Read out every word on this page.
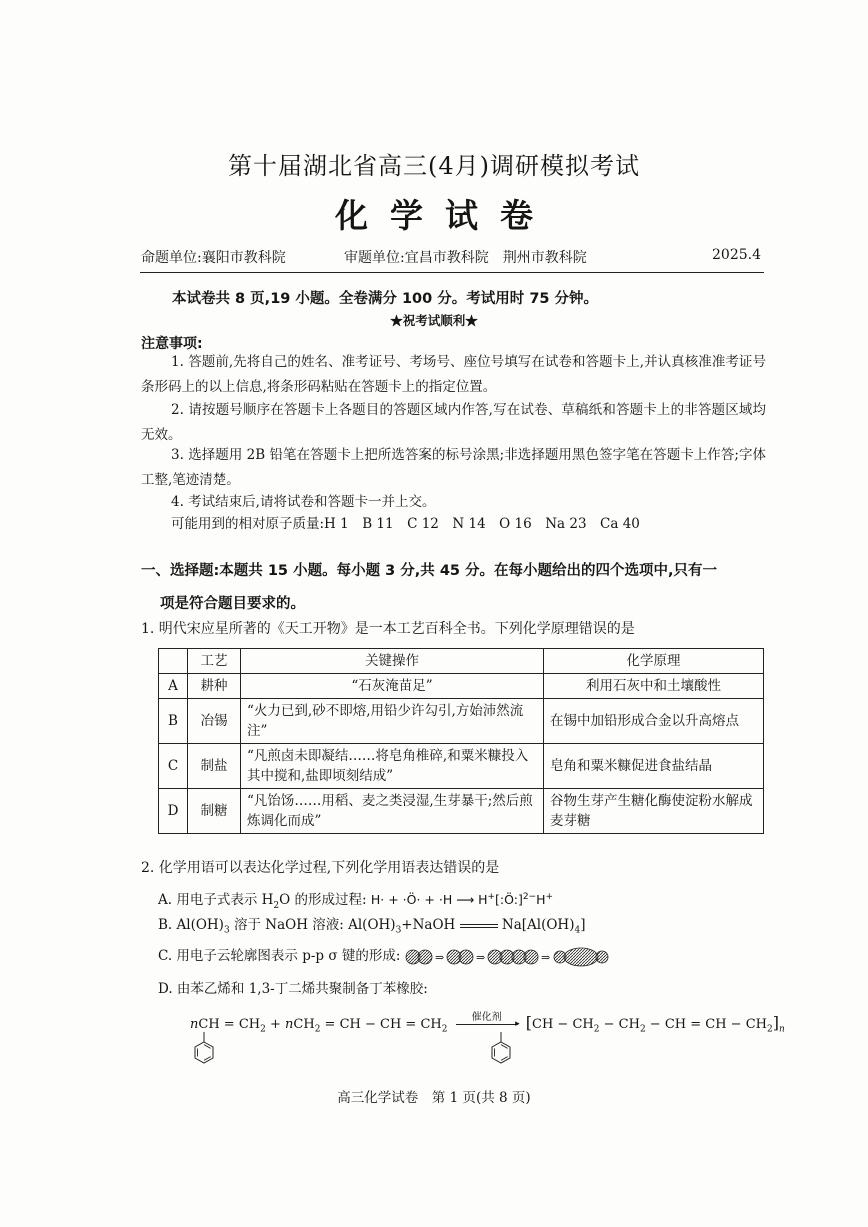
第十届湖北省高三(4月)调研模拟考试
化学试卷
命题单位:襄阳市教科院	审题单位:宜昌市教科院　荆州市教科院	2025.4
本试卷共 8 页,19 小题。全卷满分 100 分。考试用时 75 分钟。
★祝考试顺利★
注意事项:
1. 答题前,先将自己的姓名、准考证号、考场号、座位号填写在试卷和答题卡上,并认真核准准考证号条形码上的以上信息,将条形码粘贴在答题卡上的指定位置。
2. 请按题号顺序在答题卡上各题目的答题区域内作答,写在试卷、草稿纸和答题卡上的非答题区域均无效。
3. 选择题用 2B 铅笔在答题卡上把所选答案的标号涂黑;非选择题用黑色签字笔在答题卡上作答;字体工整,笔迹清楚。
4. 考试结束后,请将试卷和答题卡一并上交。
可能用到的相对原子质量:H 1　B 11　C 12　N 14　O 16　Na 23　Ca 40
一、选择题:本题共 15 小题。每小题 3 分,共 45 分。在每小题给出的四个选项中,只有一
项是符合题目要求的。
1. 明代宋应星所著的《天工开物》是一本工艺百科全书。下列化学原理错误的是
	工艺	关键操作	化学原理
A	耕种	“石灰淹苗足”	利用石灰中和土壤酸性
B	冶锡	“火力已到,砂不即熔,用铅少许勾引,方始沛然流注”	在锡中加铅形成合金以升高熔点
C	制盐	“凡煎卤未即凝结……将皂角椎碎,和粟米糠投入其中搅和,盐即顷刻结成”	皂角和粟米糠促进食盐结晶
D	制糖	“凡饴饧……用稻、麦之类浸湿,生芽暴干;然后煎炼调化而成”	谷物生芽产生糖化酶使淀粉水解成麦芽糖
2. 化学用语可以表达化学过程,下列化学用语表达错误的是
A. 用电子式表示 $H_2O$ 的形成过程: H· + ·Ö· + ·H ⟶ H+[:Ö:]$^{2-}$H+
B. $Al(OH)_3$ 溶于 NaOH 溶液: $Al(OH)_3+NaOH$	$Na[Al(OH)_4]$
C. 用电子云轮廓图表示 p-p σ 键的形成:	⇒	⇒	⇒
D. 由苯乙烯和 1,3-丁二烯共聚制备丁苯橡胶:
nCH = $CH_2 + nCH_2$ = CH − CH = $CH_2$
催化剂
▸ [$CH - CH_2 - CH_2$ − CH = CH − $CH_2]_n$
高三化学试卷　第 1 页(共 8 页)
